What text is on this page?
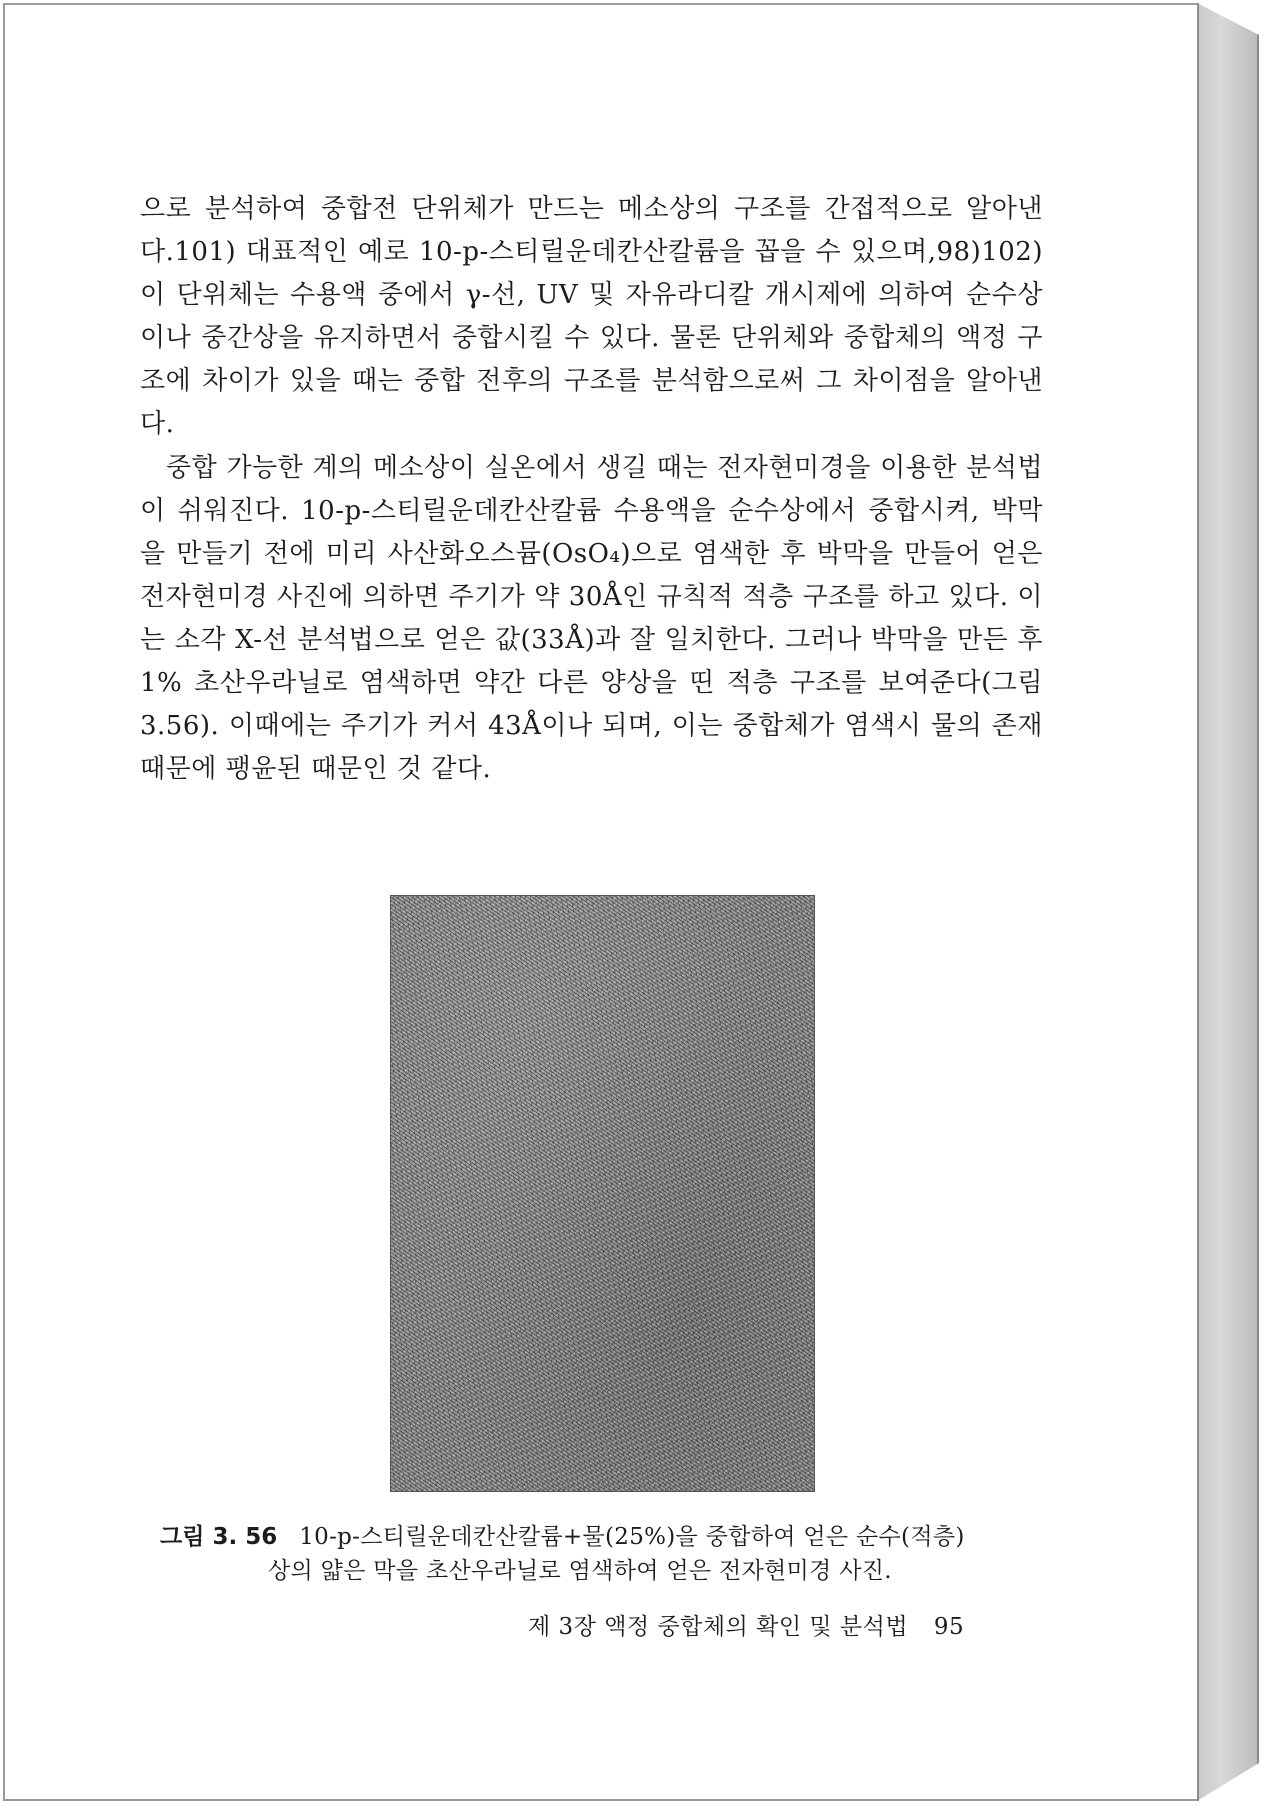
으로 분석하여 중합전 단위체가 만드는 메소상의 구조를 간접적으로 알아낸다.101) 대표적인 예로 10-p-스티릴운데칸산칼륨을 꼽을 수 있으며,98)102) 이 단위체는 수용액 중에서 γ-선, UV 및 자유라디칼 개시제에 의하여 순수상이나 중간상을 유지하면서 중합시킬 수 있다. 물론 단위체와 중합체의 액정 구조에 차이가 있을 때는 중합 전후의 구조를 분석함으로써 그 차이점을 알아낸다.

중합 가능한 계의 메소상이 실온에서 생길 때는 전자현미경을 이용한 분석법이 쉬워진다. 10-p-스티릴운데칸산칼륨 수용액을 순수상에서 중합시켜, 박막을 만들기 전에 미리 사산화오스뮴(OsO₄)으로 염색한 후 박막을 만들어 얻은 전자현미경 사진에 의하면 주기가 약 30Å인 규칙적 적층 구조를 하고 있다. 이는 소각 X-선 분석법으로 얻은 값(33Å)과 잘 일치한다. 그러나 박막을 만든 후 1% 초산우라닐로 염색하면 약간 다른 양상을 띤 적층 구조를 보여준다(그림 3.56). 이때에는 주기가 커서 43Å이나 되며, 이는 중합체가 염색시 물의 존재 때문에 팽윤된 때문인 것 같다.

그림 3. 56 10-p-스티릴운데칸산칼륨+물(25%)을 중합하여 얻은 순수(적층)
상의 얇은 막을 초산우라닐로 염색하여 얻은 전자현미경 사진.
제 3장 액정 중합체의 확인 및 분석법 95
